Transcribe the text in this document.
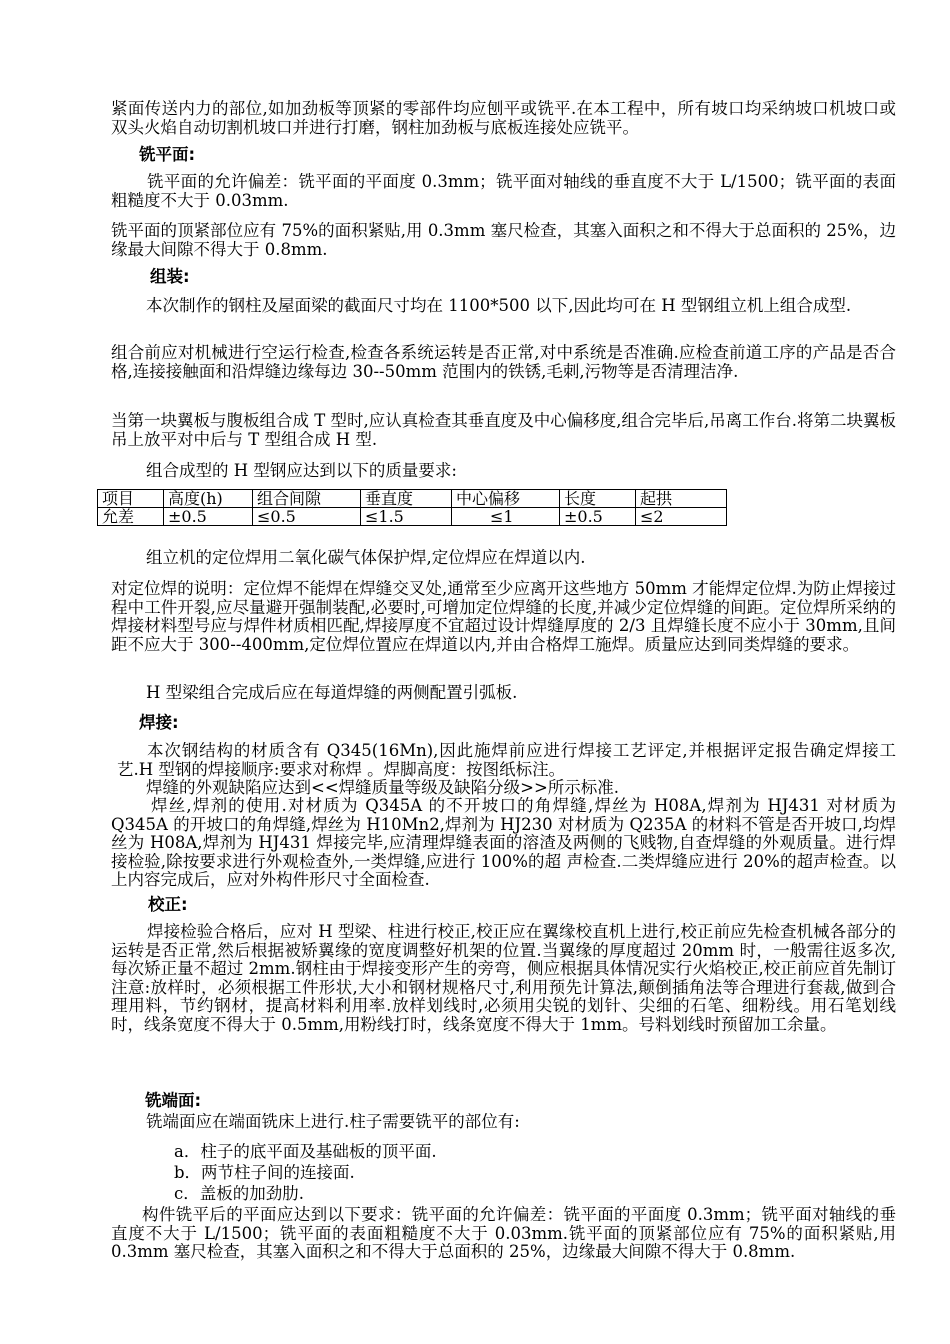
紧面传送内力的部位,如加劲板等顶紧的零部件均应刨平或铣平.在本工程中，所有坡口均采纳坡口机坡口或双头火焰自动切割机坡口并进行打磨，钢柱加劲板与底板连接处应铣平。

铣平面:

铣平面的允许偏差：铣平面的平面度 0.3mm；铣平面对轴线的垂直度不大于 L/1500；铣平面的表面粗糙度不大于 0.03mm.

铣平面的顶紧部位应有 75%的面积紧贴,用 0.3mm 塞尺检查，其塞入面积之和不得大于总面积的 25%，边缘最大间隙不得大于 0.8mm.

组装:

本次制作的钢柱及屋面梁的截面尺寸均在 1100*500 以下,因此均可在 H 型钢组立机上组合成型.

组合前应对机械进行空运行检查,检查各系统运转是否正常,对中系统是否准确.应检查前道工序的产品是否合格,连接接触面和沿焊缝边缘每边 30--50mm 范围内的铁锈,毛刺,污物等是否清理洁净.

当第一块翼板与腹板组合成 T 型时,应认真检查其垂直度及中心偏移度,组合完毕后,吊离工作台.将第二块翼板吊上放平对中后与 T 型组合成 H 型.

组合成型的 H 型钢应达到以下的质量要求:

项目	高度(h)	组合间隙	垂直度	中心偏移	长度	起拱
允差	±0.5	≤0.5	≤1.5	≤1	±0.5	≤2

组立机的定位焊用二氧化碳气体保护焊,定位焊应在焊道以内.

对定位焊的说明：定位焊不能焊在焊缝交叉处,通常至少应离开这些地方 50mm 才能焊定位焊.为防止焊接过程中工件开裂,应尽量避开强制装配,必要时,可增加定位焊缝的长度,并减少定位焊缝的间距。定位焊所采纳的焊接材料型号应与焊件材质相匹配,焊接厚度不宜超过设计焊缝厚度的 2/3 且焊缝长度不应小于 30mm,且间距不应大于 300--400mm,定位焊位置应在焊道以内,并由合格焊工施焊。质量应达到同类焊缝的要求。

H 型梁组合完成后应在每道焊缝的两侧配置引弧板.

焊接:

本次钢结构的材质含有 Q345(16Mn),因此施焊前应进行焊接工艺评定,并根据评定报告确定焊接工艺.H 型钢的焊接顺序:要求对称焊 。焊脚高度：按图纸标注。

焊缝的外观缺陷应达到<<焊缝质量等级及缺陷分级>>所示标准.

焊丝,焊剂的使用.对材质为 Q345A 的不开坡口的角焊缝,焊丝为 H08A,焊剂为 HJ431 对材质为 Q345A 的开坡口的角焊缝,焊丝为 H10Mn2,焊剂为 HJ230 对材质为 Q235A 的材料不管是否开坡口,均焊丝为 H08A,焊剂为 HJ431 焊接完毕,应清理焊缝表面的溶渣及两侧的飞贱物,自查焊缝的外观质量。进行焊接检验,除按要求进行外观检查外,一类焊缝,应进行 100%的超 声检查.二类焊缝应进行 20%的超声检查。以上内容完成后，应对外构件形尺寸全面检查.

校正:

焊接检验合格后，应对 H 型梁、柱进行校正,校正应在翼缘校直机上进行,校正前应先检查机械各部分的运转是否正常,然后根据被矫翼缘的宽度调整好机架的位置.当翼缘的厚度超过 20mm 时，一般需往返多次,每次矫正量不超过 2mm.钢柱由于焊接变形产生的旁弯，侧应根据具体情况实行火焰校正,校正前应首先制订注意:放样时，必须根据工件形状,大小和钢材规格尺寸,利用预先计算法,颠倒插角法等合理进行套裁,做到合理用料，节约钢材，提高材料利用率.放样划线时,必须用尖锐的划针、尖细的石笔、细粉线。用石笔划线时，线条宽度不得大于 0.5mm,用粉线打时，线条宽度不得大于 1mm。号料划线时预留加工余量。

铣端面:

铣端面应在端面铣床上进行.柱子需要铣平的部位有:

a．柱子的底平面及基础板的顶平面.

b．两节柱子间的连接面.

c．盖板的加劲肋.

构件铣平后的平面应达到以下要求：铣平面的允许偏差：铣平面的平面度 0.3mm；铣平面对轴线的垂直度不大于 L/1500；铣平面的表面粗糙度不大于 0.03mm.铣平面的顶紧部位应有 75%的面积紧贴,用 0.3mm 塞尺检查，其塞入面积之和不得大于总面积的 25%，边缘最大间隙不得大于 0.8mm.
